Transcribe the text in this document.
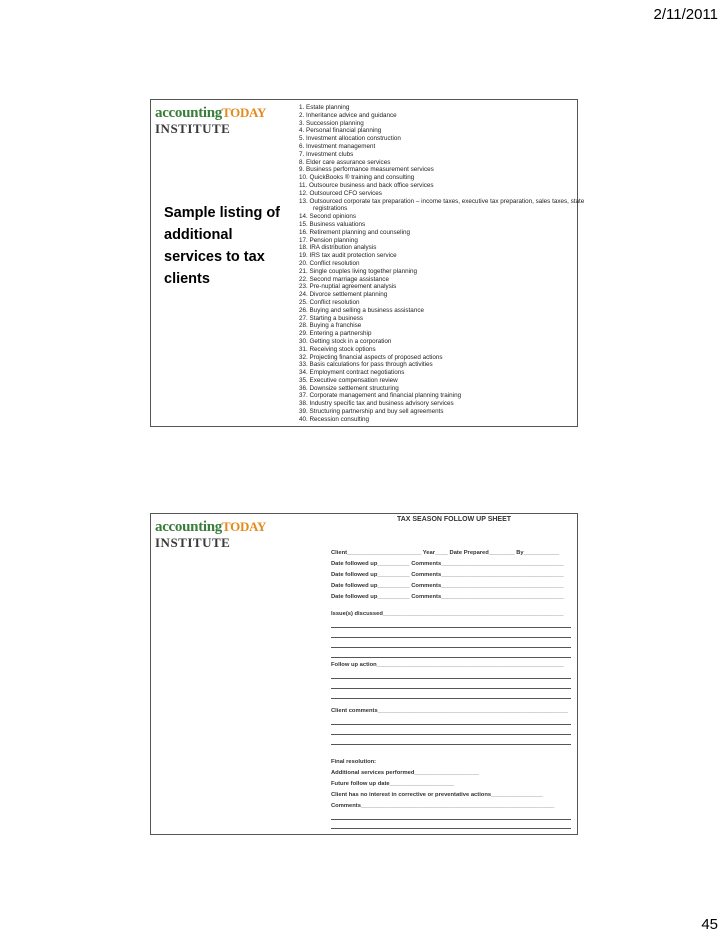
2/11/2011
accountingTODAY
INSTITUTE
Sample listing of additional services to tax clients
1. Estate planning
2. Inheritance advice and guidance
3. Succession planning
4. Personal financial planning
5. Investment allocation construction
6. Investment management
7. Investment clubs
8. Elder care assurance services
9. Business performance measurement services
10. QuickBooks ® training and consulting
11. Outsource business and back office services
12. Outsourced CFO services
13. Outsourced corporate tax preparation – income taxes, executive tax preparation, sales taxes, state registrations
14. Second opinions
15. Business valuations
16. Retirement planning and counseling
17. Pension planning
18. IRA distribution analysis
19. IRS tax audit protection service
20. Conflict resolution
21. Single couples living together planning
22. Second marriage assistance
23. Pre-nuptial agreement analysis
24. Divorce settlement planning
25. Conflict resolution
26. Buying and selling a business assistance
27. Starting a business
28. Buying a franchise
29. Entering a partnership
30. Getting stock in a corporation
31. Receiving stock options
32. Projecting financial aspects of proposed actions
33. Basis calculations for pass through activities
34. Employment contract negotiations
35. Executive compensation review
36. Downsize settlement structuring
37. Corporate management and financial planning training
38. Industry specific tax and business advisory services
39. Structuring partnership and buy sell agreements
40. Recession consulting
accountingTODAY
INSTITUTE
TAX SEASON FOLLOW UP SHEET
Client_______________________ Year____ Date Prepared________ By___________
Date followed up__________ Comments______________________________________
Date followed up__________ Comments______________________________________
Date followed up__________ Comments______________________________________
Date followed up__________ Comments______________________________________
Issue(s) discussed________________________________________________________
Follow up action__________________________________________________________
Client comments___________________________________________________________
Final resolution:
Additional services performed____________________
Future follow up date____________________
Client has no interest in corrective or preventative actions________________
Comments____________________________________________________________
45
